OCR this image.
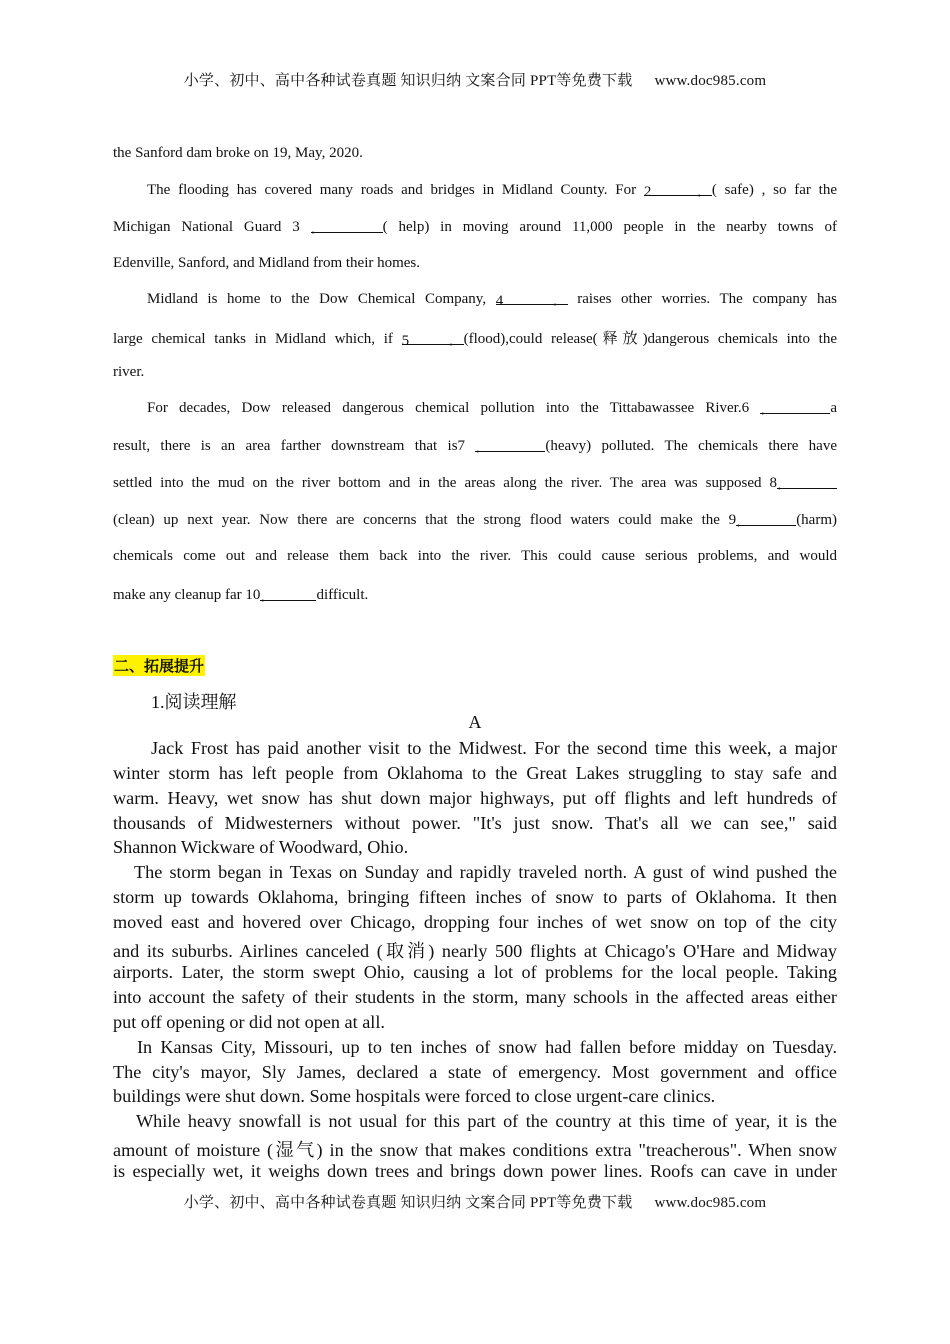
小学、初中、高中各种试卷真题 知识归纳 文案合同 PPT等免费下载 www.doc985.com
the Sanford dam broke on 19, May, 2020.
The flooding has covered many roads and bridges in Midland County. For 2．( safe) , so far the
Michigan National Guard 3 ．	( help) in moving around 11,000 people in the nearby towns of
Edenville, Sanford, and Midland from their homes.
Midland is home to the Dow Chemical Company, 4． raises other worries. The company has
large chemical tanks in Midland which, if 5．(flood),could release(释放)dangerous chemicals into the
river.
For decades, Dow released dangerous chemical pollution into the Tittabawassee River.6 ．	a
result, there is an area farther downstream that is7 ．	(heavy) polluted. The chemicals there have
settled into the mud on the river bottom and in the areas along the river. The area was supposed 8．
(clean) up next year. Now there are concerns that the strong flood waters could make the 9．	(harm)
chemicals come out and release them back into the river. This could cause serious problems, and would
make any cleanup far 10．	difficult.
二、拓展提升
1.阅读理解
A
Jack Frost has paid another visit to the Midwest. For the second time this week, a major
winter storm has left people from Oklahoma to the Great Lakes struggling to stay safe and
warm. Heavy, wet snow has shut down major highways, put off flights and left hundreds of
thousands of Midwesterners without power. "It's just snow. That's all we can see," said
Shannon Wickware of Woodward, Ohio.
The storm began in Texas on Sunday and rapidly traveled north. A gust of wind pushed the
storm up towards Oklahoma, bringing fifteen inches of snow to parts of Oklahoma. It then
moved east and hovered over Chicago, dropping four inches of wet snow on top of the city
and its suburbs. Airlines canceled (取消) nearly 500 flights at Chicago's O'Hare and Midway
airports. Later, the storm swept Ohio, causing a lot of problems for the local people. Taking
into account the safety of their students in the storm, many schools in the affected areas either
put off opening or did not open at all.
In Kansas City, Missouri, up to ten inches of snow had fallen before midday on Tuesday.
The city's mayor, Sly James, declared a state of emergency. Most government and office
buildings were shut down. Some hospitals were forced to close urgent-care clinics.
While heavy snowfall is not usual for this part of the country at this time of year, it is the
amount of moisture (湿气) in the snow that makes conditions extra "treacherous". When snow
is especially wet, it weighs down trees and brings down power lines. Roofs can cave in under
小学、初中、高中各种试卷真题 知识归纳 文案合同 PPT等免费下载 www.doc985.com
